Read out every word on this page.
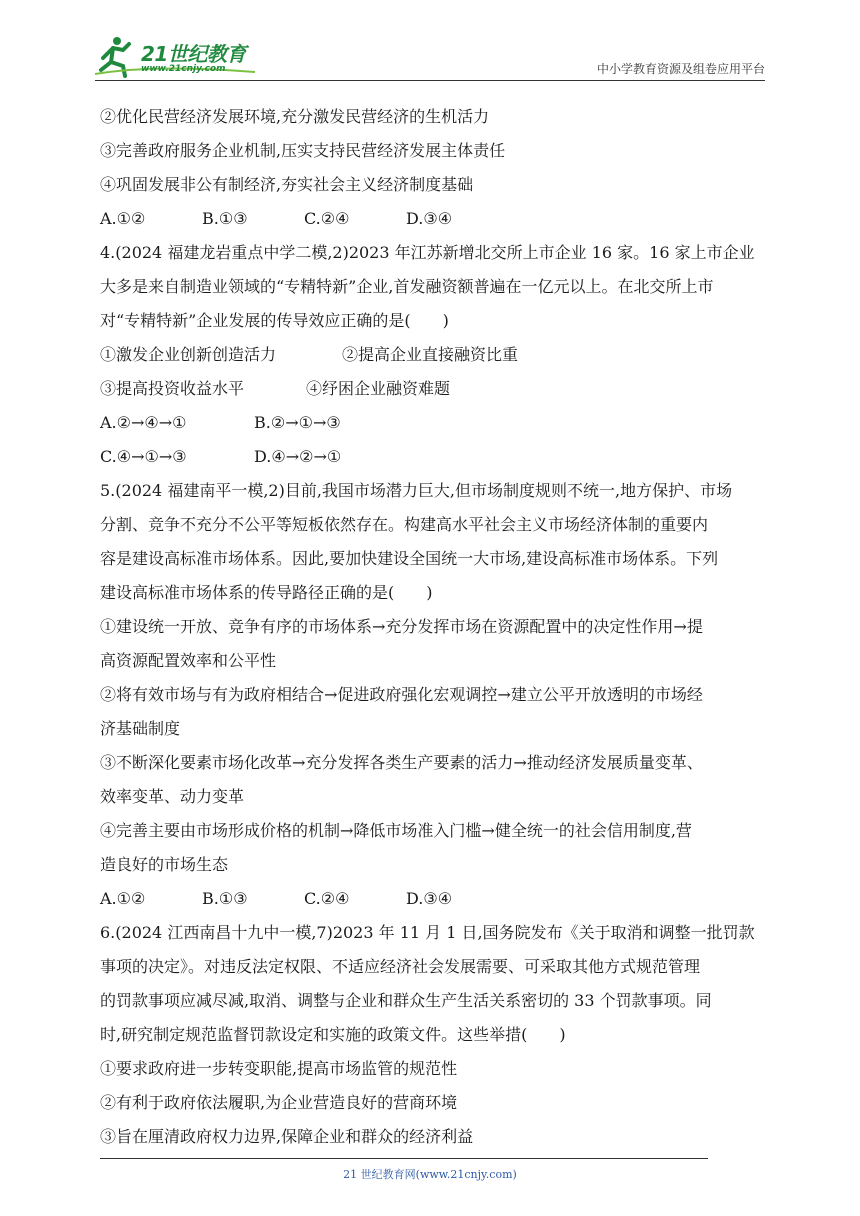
21世纪教育
www.21cnjy.com	中小学教育资源及组卷应用平台
②优化民营经济发展环境,充分激发民营经济的生机活力
③完善政府服务企业机制,压实支持民营经济发展主体责任
④巩固发展非公有制经济,夯实社会主义经济制度基础
A.①②	B.①③	C.②④	D.③④
4.(2024 福建龙岩重点中学二模,2)2023 年江苏新增北交所上市企业 16 家。16 家上市企业
大多是来自制造业领域的“专精特新”企业,首发融资额普遍在一亿元以上。在北交所上市
对“专精特新”企业发展的传导效应正确的是(　　)
①激发企业创新创造活力	②提高企业直接融资比重
③提高投资收益水平	④纾困企业融资难题
A.②→④→①	B.②→①→③
C.④→①→③	D.④→②→①
5.(2024 福建南平一模,2)目前,我国市场潜力巨大,但市场制度规则不统一,地方保护、市场
分割、竞争不充分不公平等短板依然存在。构建高水平社会主义市场经济体制的重要内
容是建设高标准市场体系。因此,要加快建设全国统一大市场,建设高标准市场体系。下列
建设高标准市场体系的传导路径正确的是(　　)
①建设统一开放、竞争有序的市场体系→充分发挥市场在资源配置中的决定性作用→提
高资源配置效率和公平性
②将有效市场与有为政府相结合→促进政府强化宏观调控→建立公平开放透明的市场经
济基础制度
③不断深化要素市场化改革→充分发挥各类生产要素的活力→推动经济发展质量变革、
效率变革、动力变革
④完善主要由市场形成价格的机制→降低市场准入门槛→健全统一的社会信用制度,营
造良好的市场生态
A.①②	B.①③	C.②④	D.③④
6.(2024 江西南昌十九中一模,7)2023 年 11 月 1 日,国务院发布《关于取消和调整一批罚款
事项的决定》。对违反法定权限、不适应经济社会发展需要、可采取其他方式规范管理
的罚款事项应减尽减,取消、调整与企业和群众生产生活关系密切的 33 个罚款事项。同
时,研究制定规范监督罚款设定和实施的政策文件。这些举措(　　)
①要求政府进一步转变职能,提高市场监管的规范性
②有利于政府依法履职,为企业营造良好的营商环境
③旨在厘清政府权力边界,保障企业和群众的经济利益
21 世纪教育网(www.21cnjy.com)
